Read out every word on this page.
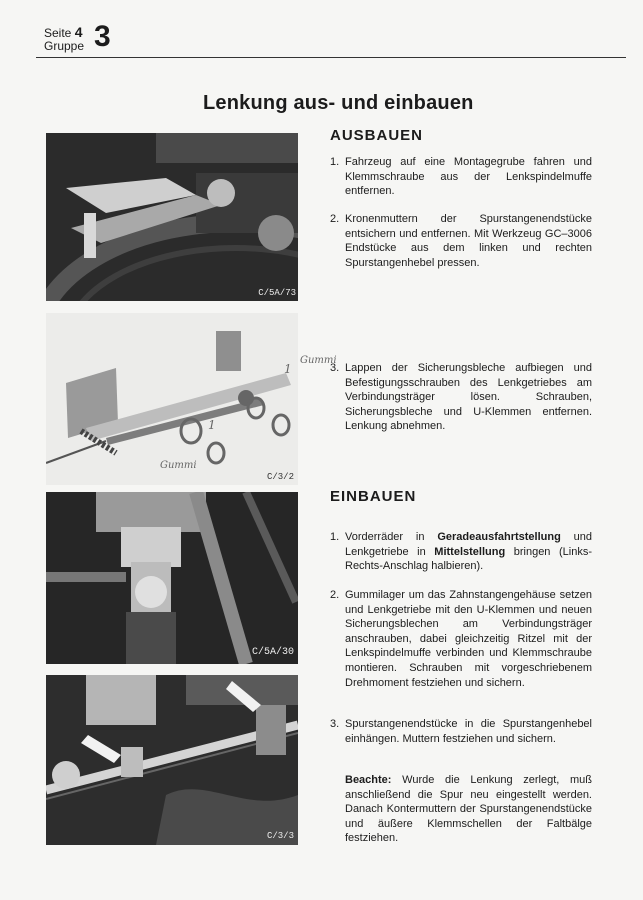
Seite 4
Gruppe 3
Lenkung aus- und einbauen
C/5A/73
C/3/2
1
Gummi
1
Gummi
C/5A/30
C/3/3
AUSBAUEN
1. Fahrzeug auf eine Montagegrube fahren und Klemmschraube aus der Lenkspindelmuffe entfernen.
2. Kronenmuttern der Spurstangenendstücke entsichern und entfernen. Mit Werkzeug GC–3006 Endstücke aus dem linken und rechten Spurstangenhebel pressen.
3. Lappen der Sicherungsbleche aufbiegen und Befestigungsschrauben des Lenkgetriebes am Verbindungsträger lösen. Schrauben, Sicherungsbleche und U-Klemmen entfernen. Lenkung abnehmen.
EINBAUEN
1. Vorderräder in Geradeausfahrtstellung und Lenkgetriebe in Mittelstellung bringen (Links-Rechts-Anschlag halbieren).
2. Gummilager um das Zahnstangengehäuse setzen und Lenkgetriebe mit den U-Klemmen und neuen Sicherungsblechen am Verbindungsträger anschrauben, dabei gleichzeitig Ritzel mit der Lenkspindelmuffe verbinden und Klemmschraube montieren. Schrauben mit vorgeschriebenem Drehmoment festziehen und sichern.
3. Spurstangenendstücke in die Spurstangenhebel einhängen. Muttern festziehen und sichern.
Beachte: Wurde die Lenkung zerlegt, muß anschließend die Spur neu eingestellt werden. Danach Kontermuttern der Spurstangenendstücke und äußere Klemmschellen der Faltbälge festziehen.
